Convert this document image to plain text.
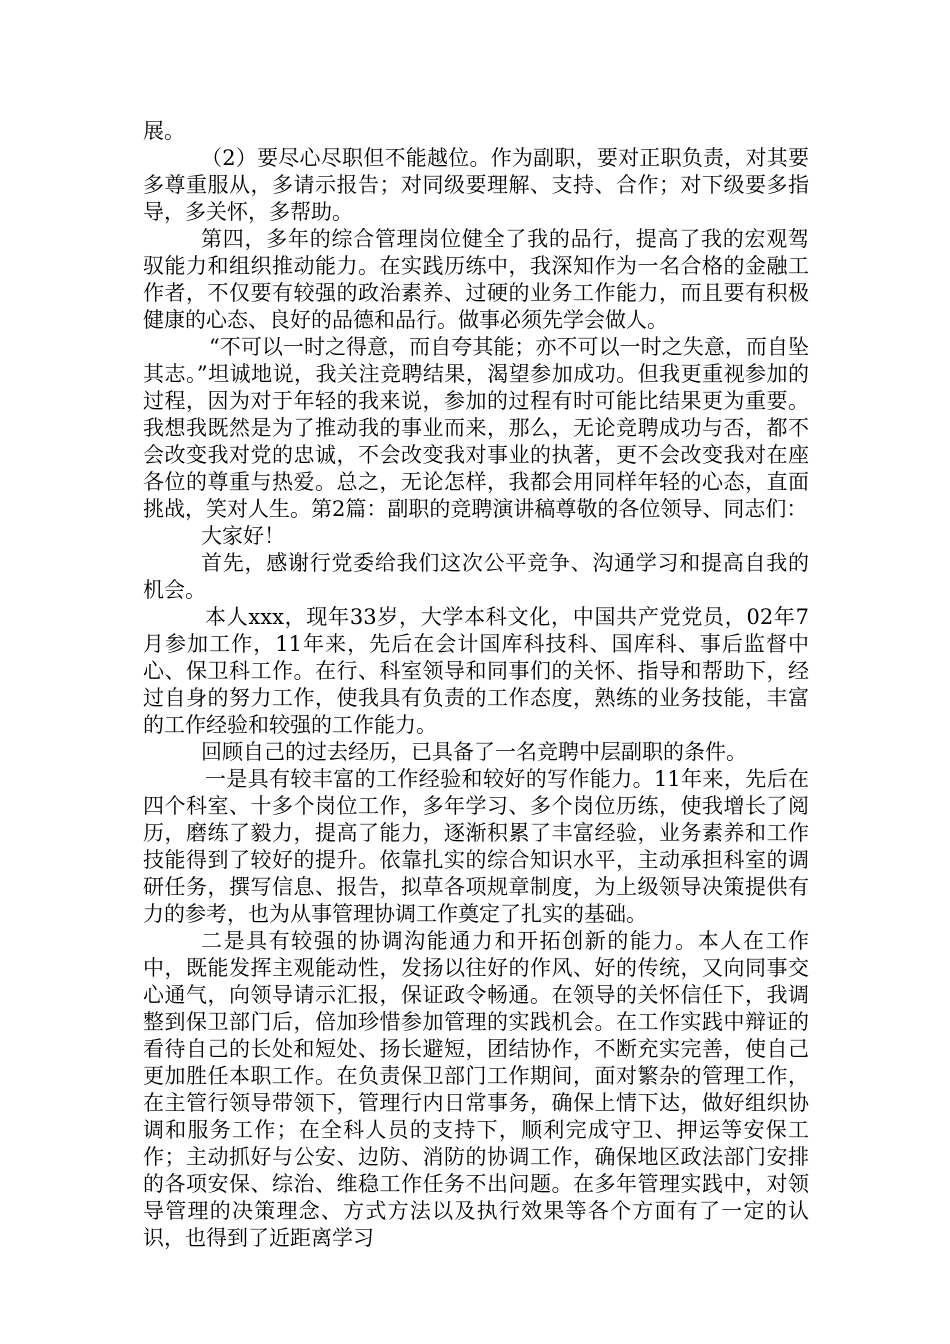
展。

（2）要尽心尽职但不能越位。作为副职，要对正职负责，对其要多尊重服从，多请示报告；对同级要理解、支持、合作；对下级要多指导，多关怀，多帮助。

第四，多年的综合管理岗位健全了我的品行，提高了我的宏观驾驭能力和组织推动能力。在实践历练中，我深知作为一名合格的金融工作者，不仅要有较强的政治素养、过硬的业务工作能力，而且要有积极健康的心态、良好的品德和品行。做事必须先学会做人。

“不可以一时之得意，而自夸其能；亦不可以一时之失意，而自坠其志。”坦诚地说，我关注竞聘结果，渴望参加成功。但我更重视参加的过程，因为对于年轻的我来说，参加的过程有时可能比结果更为重要。我想我既然是为了推动我的事业而来，那么，无论竞聘成功与否，都不会改变我对党的忠诚，不会改变我对事业的执著，更不会改变我对在座各位的尊重与热爱。总之，无论怎样，我都会用同样年轻的心态，直面挑战，笑对人生。第2篇：副职的竞聘演讲稿尊敬的各位领导、同志们：

大家好！

首先，感谢行党委给我们这次公平竞争、沟通学习和提高自我的机会。

本人xxx，现年33岁，大学本科文化，中国共产党党员，02年7月参加工作，11年来，先后在会计国库科技科、国库科、事后监督中心、保卫科工作。在行、科室领导和同事们的关怀、指导和帮助下，经过自身的努力工作，使我具有负责的工作态度，熟练的业务技能，丰富的工作经验和较强的工作能力。

回顾自己的过去经历，已具备了一名竞聘中层副职的条件。

一是具有较丰富的工作经验和较好的写作能力。11年来，先后在四个科室、十多个岗位工作，多年学习、多个岗位历练，使我增长了阅历，磨练了毅力，提高了能力，逐渐积累了丰富经验，业务素养和工作技能得到了较好的提升。依靠扎实的综合知识水平，主动承担科室的调研任务，撰写信息、报告，拟草各项规章制度，为上级领导决策提供有力的参考，也为从事管理协调工作奠定了扎实的基础。

二是具有较强的协调沟能通力和开拓创新的能力。本人在工作中，既能发挥主观能动性，发扬以往好的作风、好的传统，又向同事交心通气，向领导请示汇报，保证政令畅通。在领导的关怀信任下，我调整到保卫部门后，倍加珍惜参加管理的实践机会。在工作实践中辩证的看待自己的长处和短处、扬长避短，团结协作，不断充实完善，使自己更加胜任本职工作。在负责保卫部门工作期间，面对繁杂的管理工作，在主管行领导带领下，管理行内日常事务，确保上情下达，做好组织协调和服务工作；在全科人员的支持下，顺利完成守卫、押运等安保工作；主动抓好与公安、边防、消防的协调工作，确保地区政法部门安排的各项安保、综治、维稳工作任务不出问题。在多年管理实践中，对领导管理的决策理念、方式方法以及执行效果等各个方面有了一定的认识，也得到了近距离学习
